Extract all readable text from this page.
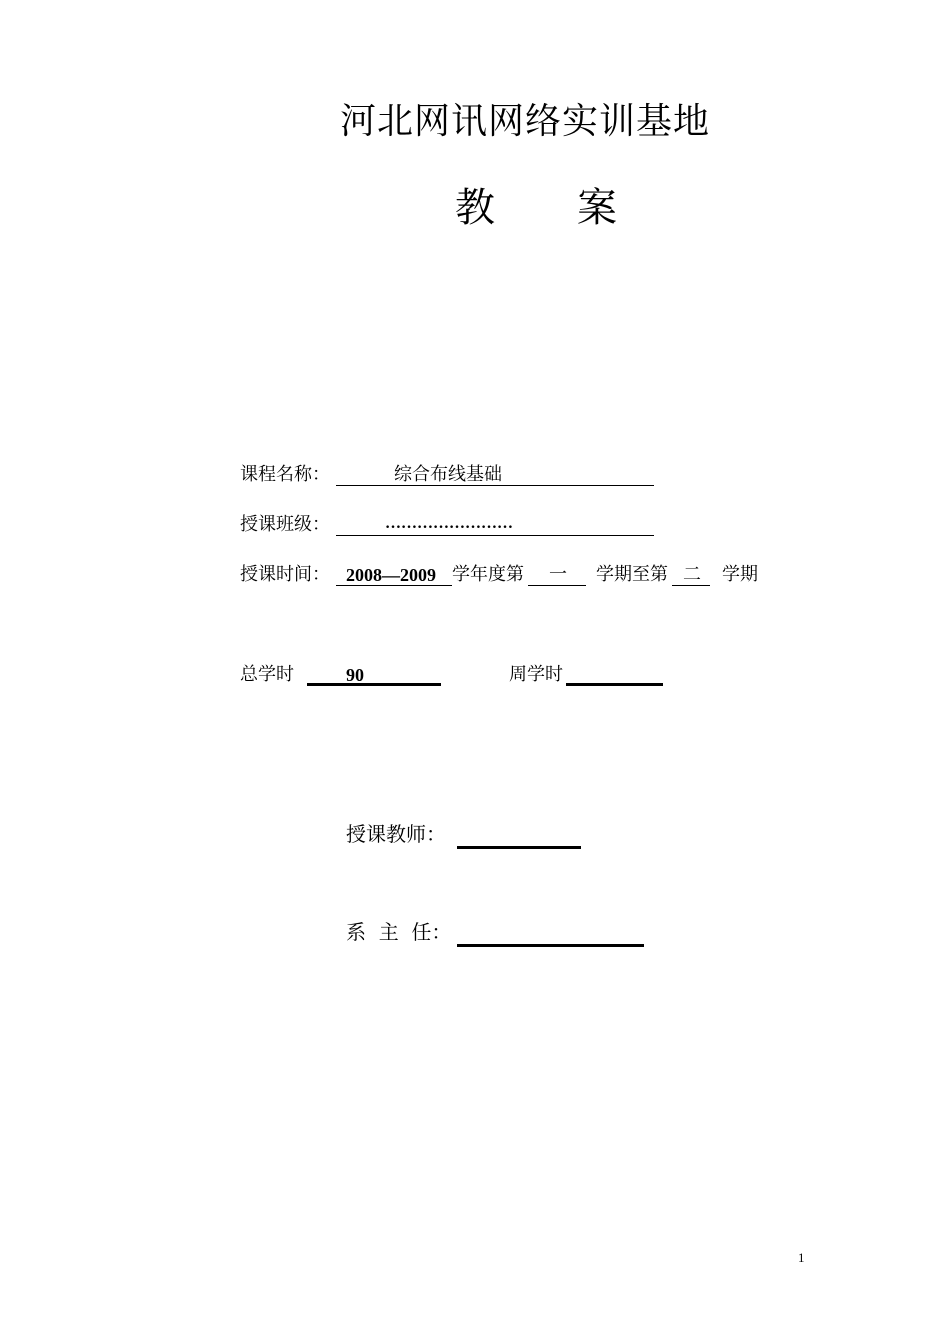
河北网讯网络实训基地
教 案
课程名称：	综合布线基础
授课班级：	……………………
授课时间： 2008—2009 学年度第 一 学期至第 二 学期
总学时	90	周学时
授课教师：
系  主  任：
1
